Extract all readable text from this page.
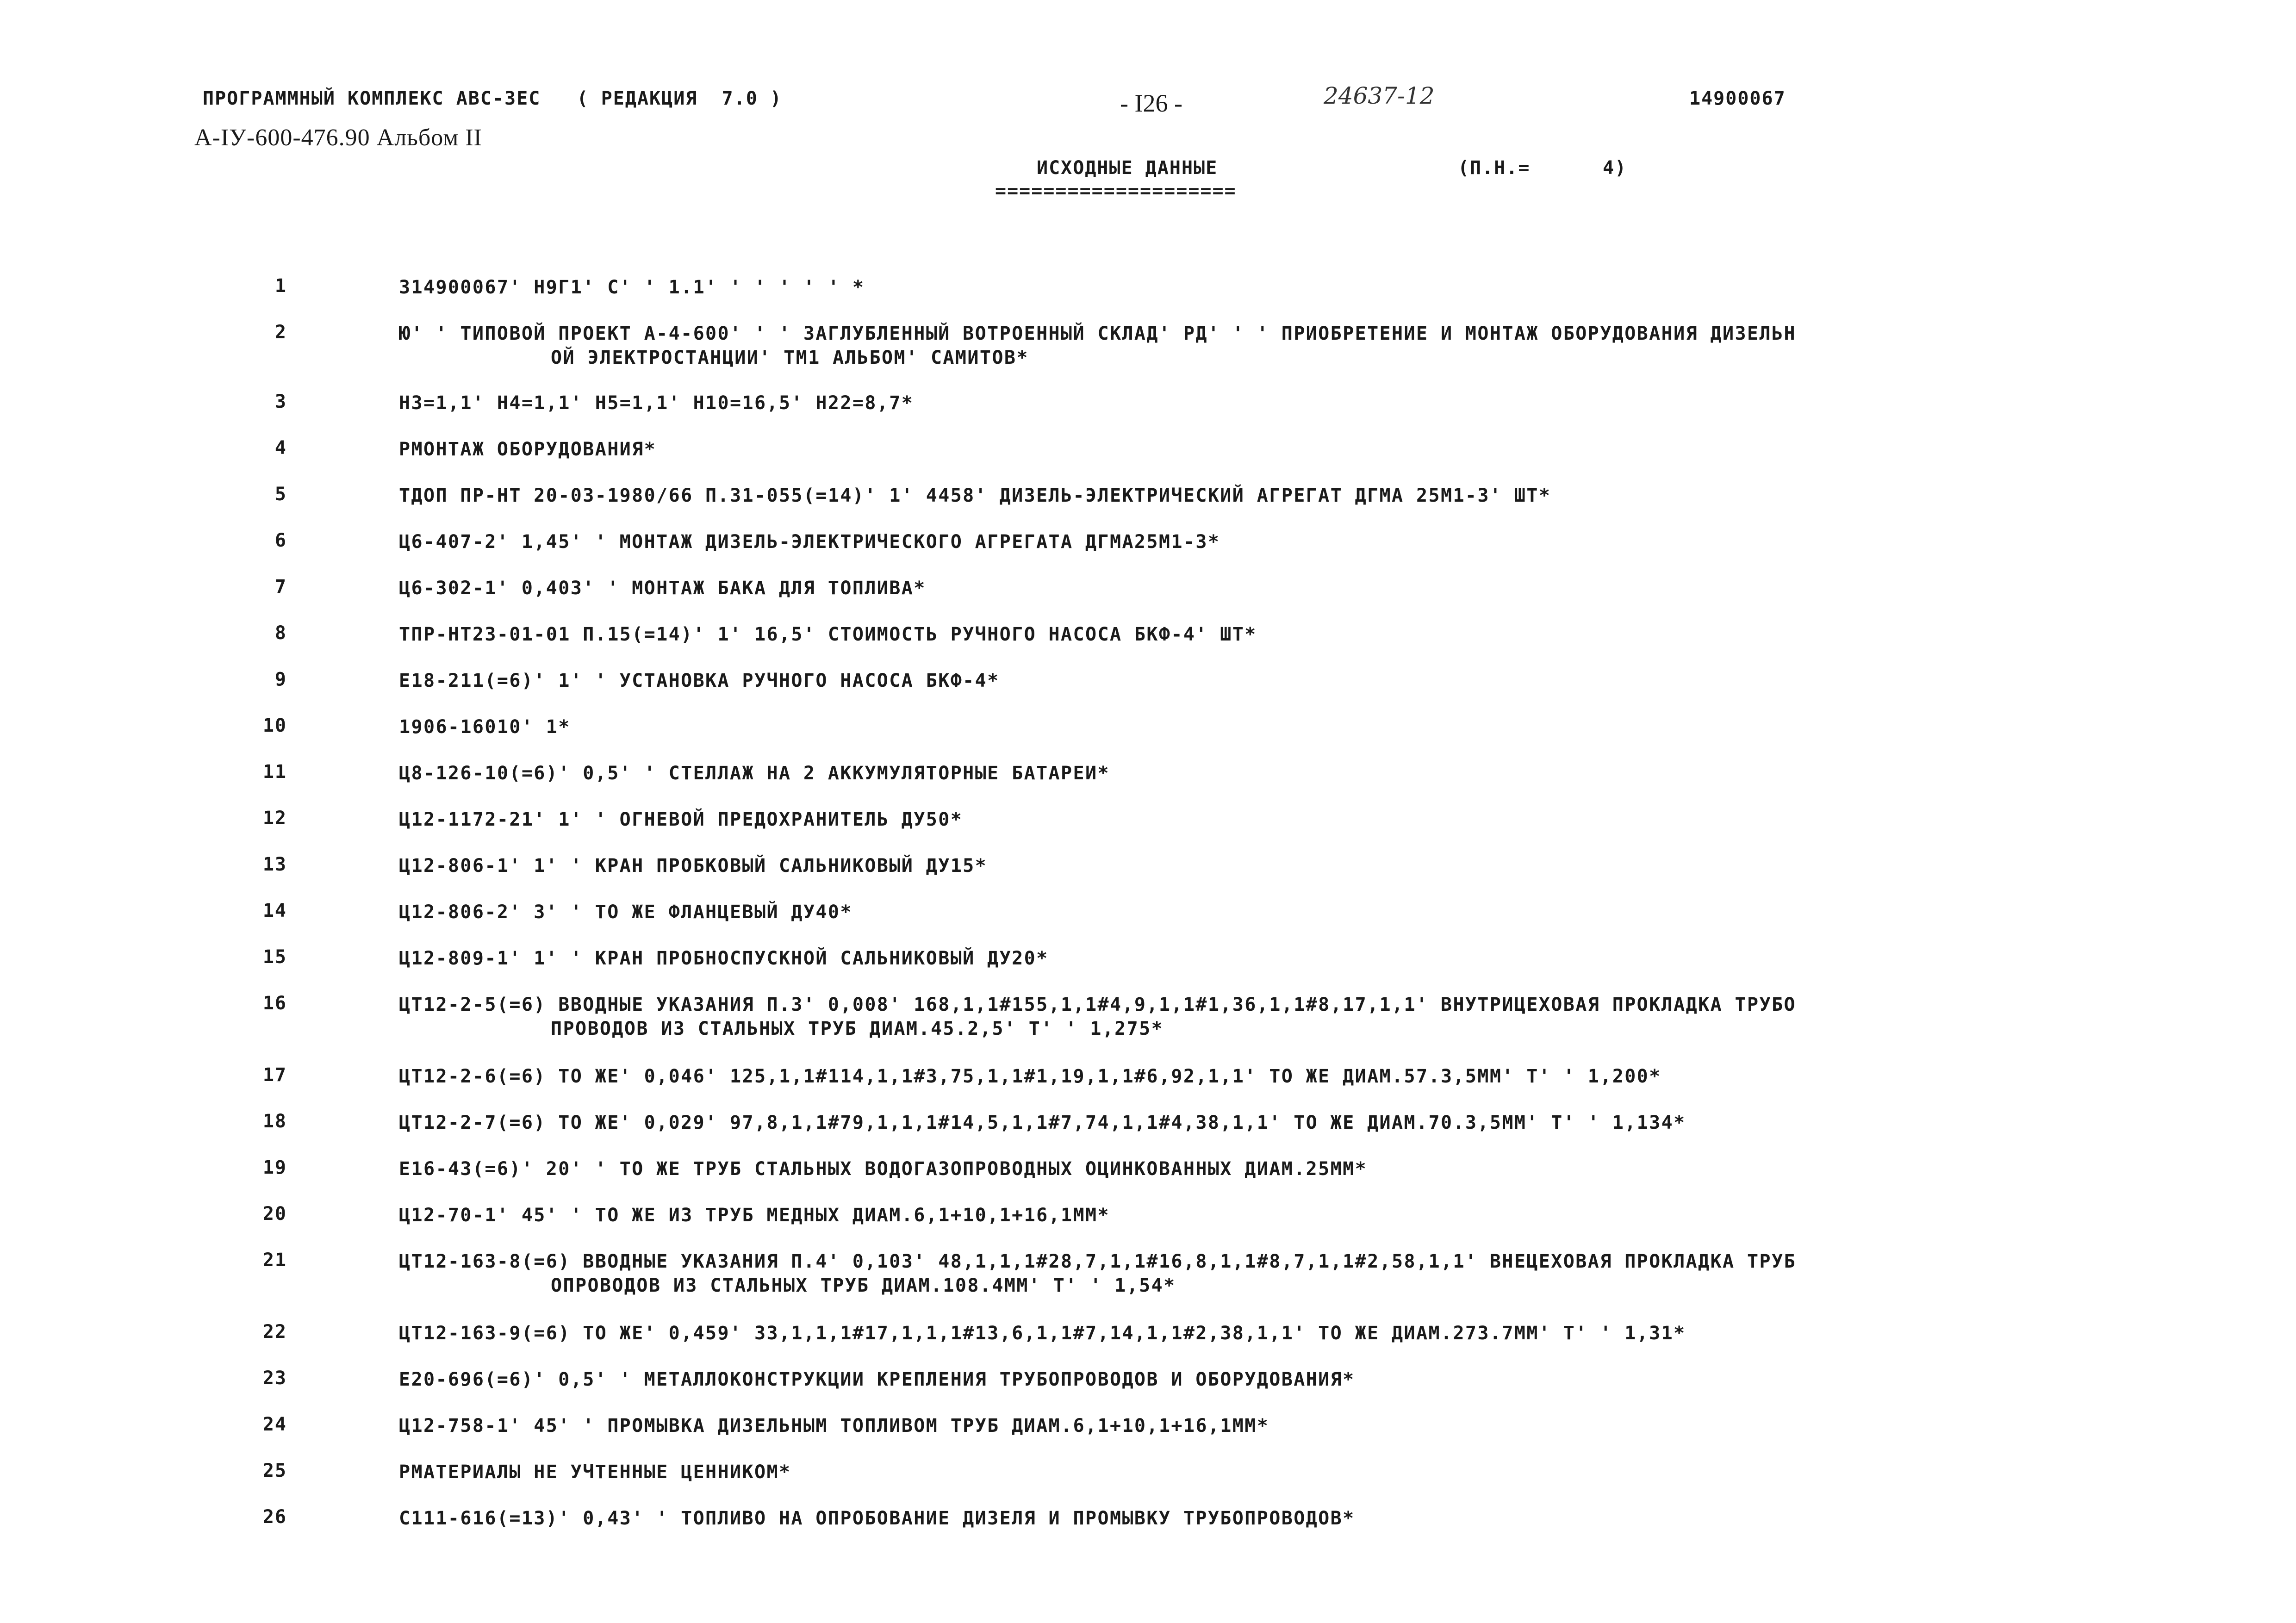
ПРОГРАММНЫЙ КОМПЛЕКС АВС-3ЕС   ( РЕДАКЦИЯ  7.0 )
А-IУ-600-476.90 Альбом II
- I26 -	24637-12	14900067
ИСХОДНЫЕ ДАННЫЕ
====================
(П.Н.=      4)
1	314900067' Н9Г1' С' ' 1.1' ' ' ' ' ' *
2	Ю' ' ТИПОВОЙ ПРОЕКТ А-4-600' ' ' ЗАГЛУБЛЕННЫЙ ВОТРОЕННЫЙ СКЛАД' РД' ' ' ПРИОБРЕТЕНИЕ И МОНТАЖ ОБОРУДОВАНИЯ ДИЗЕЛЬН
ОЙ ЭЛЕКТРОСТАНЦИИ' ТМ1 АЛЬБОМ' САМИТОВ*
3	Н3=1,1' Н4=1,1' Н5=1,1' Н10=16,5' Н22=8,7*
4	РМОНТАЖ ОБОРУДОВАНИЯ*
5	ТДОП ПР-НТ 20-03-1980/66 П.31-055(=14)' 1' 4458' ДИЗЕЛЬ-ЭЛЕКТРИЧЕСКИЙ АГРЕГАТ ДГМА 25М1-3' ШТ*
6	Ц6-407-2' 1,45' ' МОНТАЖ ДИЗЕЛЬ-ЭЛЕКТРИЧЕСКОГО АГРЕГАТА ДГМА25М1-3*
7	Ц6-302-1' 0,403' ' МОНТАЖ БАКА ДЛЯ ТОПЛИВА*
8	ТПР-НТ23-01-01 П.15(=14)' 1' 16,5' СТОИМОСТЬ РУЧНОГО НАСОСА БКФ-4' ШТ*
9	Е18-211(=6)' 1' ' УСТАНОВКА РУЧНОГО НАСОСА БКФ-4*
10	1906-16010' 1*
11	Ц8-126-10(=6)' 0,5' ' СТЕЛЛАЖ НА 2 АККУМУЛЯТОРНЫЕ БАТАРЕИ*
12	Ц12-1172-21' 1' ' ОГНЕВОЙ ПРЕДОХРАНИТЕЛЬ ДУ50*
13	Ц12-806-1' 1' ' КРАН ПРОБКОВЫЙ САЛЬНИКОВЫЙ ДУ15*
14	Ц12-806-2' 3' ' ТО ЖЕ ФЛАНЦЕВЫЙ ДУ40*
15	Ц12-809-1' 1' ' КРАН ПРОБНОСПУСКНОЙ САЛЬНИКОВЫЙ ДУ20*
16	ЦТ12-2-5(=6) ВВОДНЫЕ УКАЗАНИЯ П.3' 0,008' 168,1,1#155,1,1#4,9,1,1#1,36,1,1#8,17,1,1' ВНУТРИЦЕХОВАЯ ПРОКЛАДКА ТРУБО
ПРОВОДОВ ИЗ СТАЛЬНЫХ ТРУБ ДИАМ.45.2,5' Т' ' 1,275*
17	ЦТ12-2-6(=6) ТО ЖЕ' 0,046' 125,1,1#114,1,1#3,75,1,1#1,19,1,1#6,92,1,1' ТО ЖЕ ДИАМ.57.3,5ММ' Т' ' 1,200*
18	ЦТ12-2-7(=6) ТО ЖЕ' 0,029' 97,8,1,1#79,1,1,1#14,5,1,1#7,74,1,1#4,38,1,1' ТО ЖЕ ДИАМ.70.3,5ММ' Т' ' 1,134*
19	Е16-43(=6)' 20' ' ТО ЖЕ ТРУБ СТАЛЬНЫХ ВОДОГАЗОПРОВОДНЫХ ОЦИНКОВАННЫХ ДИАМ.25ММ*
20	Ц12-70-1' 45' ' ТО ЖЕ ИЗ ТРУБ МЕДНЫХ ДИАМ.6,1+10,1+16,1ММ*
21	ЦТ12-163-8(=6) ВВОДНЫЕ УКАЗАНИЯ П.4' 0,103' 48,1,1,1#28,7,1,1#16,8,1,1#8,7,1,1#2,58,1,1' ВНЕЦЕХОВАЯ ПРОКЛАДКА ТРУБ
ОПРОВОДОВ ИЗ СТАЛЬНЫХ ТРУБ ДИАМ.108.4ММ' Т' ' 1,54*
22	ЦТ12-163-9(=6) ТО ЖЕ' 0,459' 33,1,1,1#17,1,1,1#13,6,1,1#7,14,1,1#2,38,1,1' ТО ЖЕ ДИАМ.273.7ММ' Т' ' 1,31*
23	Е20-696(=6)' 0,5' ' МЕТАЛЛОКОНСТРУКЦИИ КРЕПЛЕНИЯ ТРУБОПРОВОДОВ И ОБОРУДОВАНИЯ*
24	Ц12-758-1' 45' ' ПРОМЫВКА ДИЗЕЛЬНЫМ ТОПЛИВОМ ТРУБ ДИАМ.6,1+10,1+16,1ММ*
25	РМАТЕРИАЛЫ НЕ УЧТЕННЫЕ ЦЕННИКОМ*
26	С111-616(=13)' 0,43' ' ТОПЛИВО НА ОПРОБОВАНИЕ ДИЗЕЛЯ И ПРОМЫВКУ ТРУБОПРОВОДОВ*
